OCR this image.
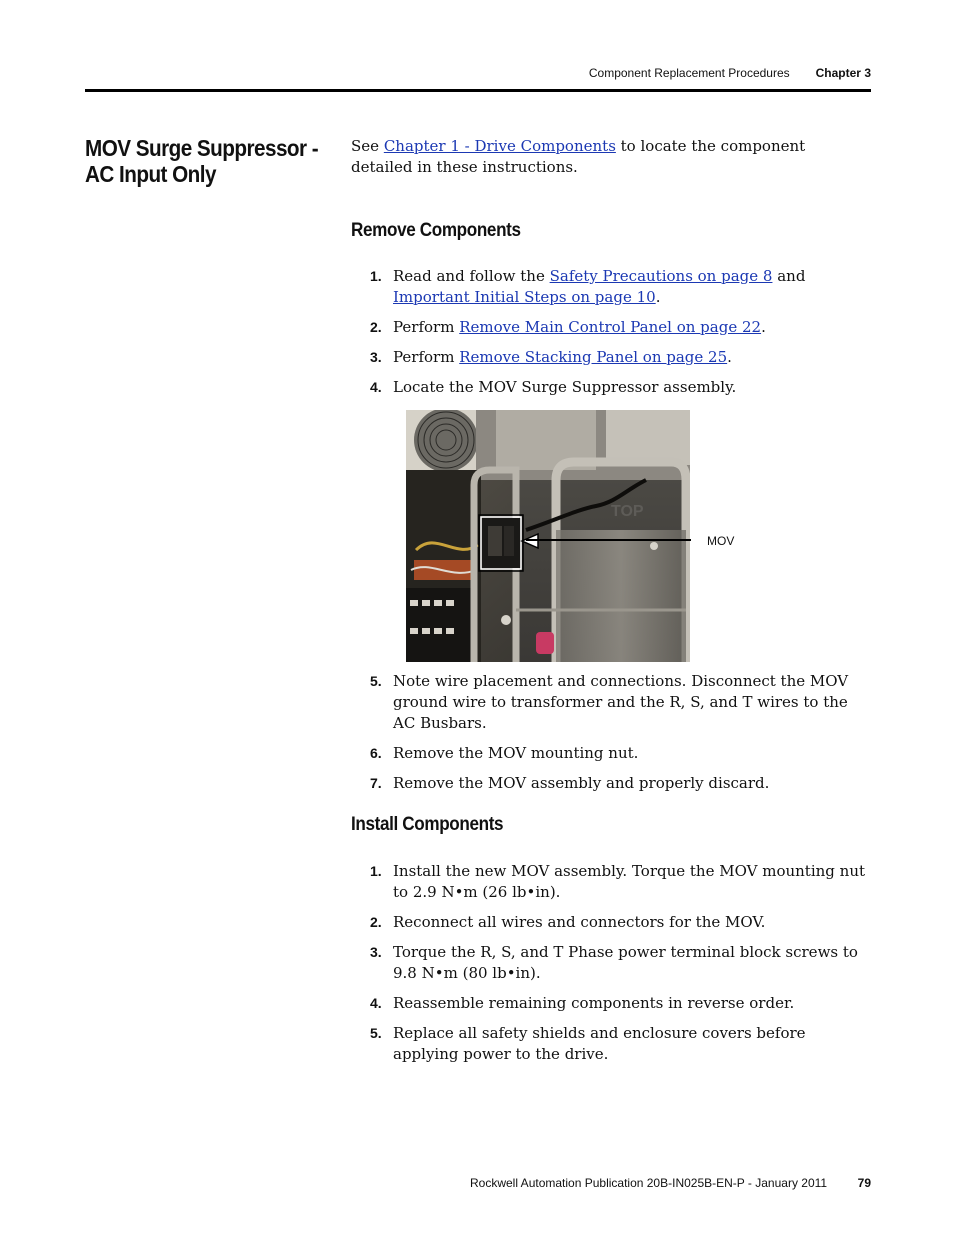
Component Replacement Procedures Chapter 3
MOV Surge Suppressor - AC Input Only
See Chapter 1 - Drive Components to locate the component detailed in these instructions.
Remove Components
1. Read and follow the Safety Precautions on page 8 and Important Initial Steps on page 10.
2. Perform Remove Main Control Panel on page 22.
3. Perform Remove Stacking Panel on page 25.
4. Locate the MOV Surge Suppressor assembly.
TOP
MOV
5. Note wire placement and connections. Disconnect the MOV ground wire to transformer and the R, S, and T wires to the AC Busbars.
6. Remove the MOV mounting nut.
7. Remove the MOV assembly and properly discard.
Install Components
1. Install the new MOV assembly. Torque the MOV mounting nut to 2.9 N•m (26 lb•in).
2. Reconnect all wires and connectors for the MOV.
3. Torque the R, S, and T Phase power terminal block screws to 9.8 N•m (80 lb•in).
4. Reassemble remaining components in reverse order.
5. Replace all safety shields and enclosure covers before applying power to the drive.
Rockwell Automation Publication 20B-IN025B-EN-P - January 2011	79
